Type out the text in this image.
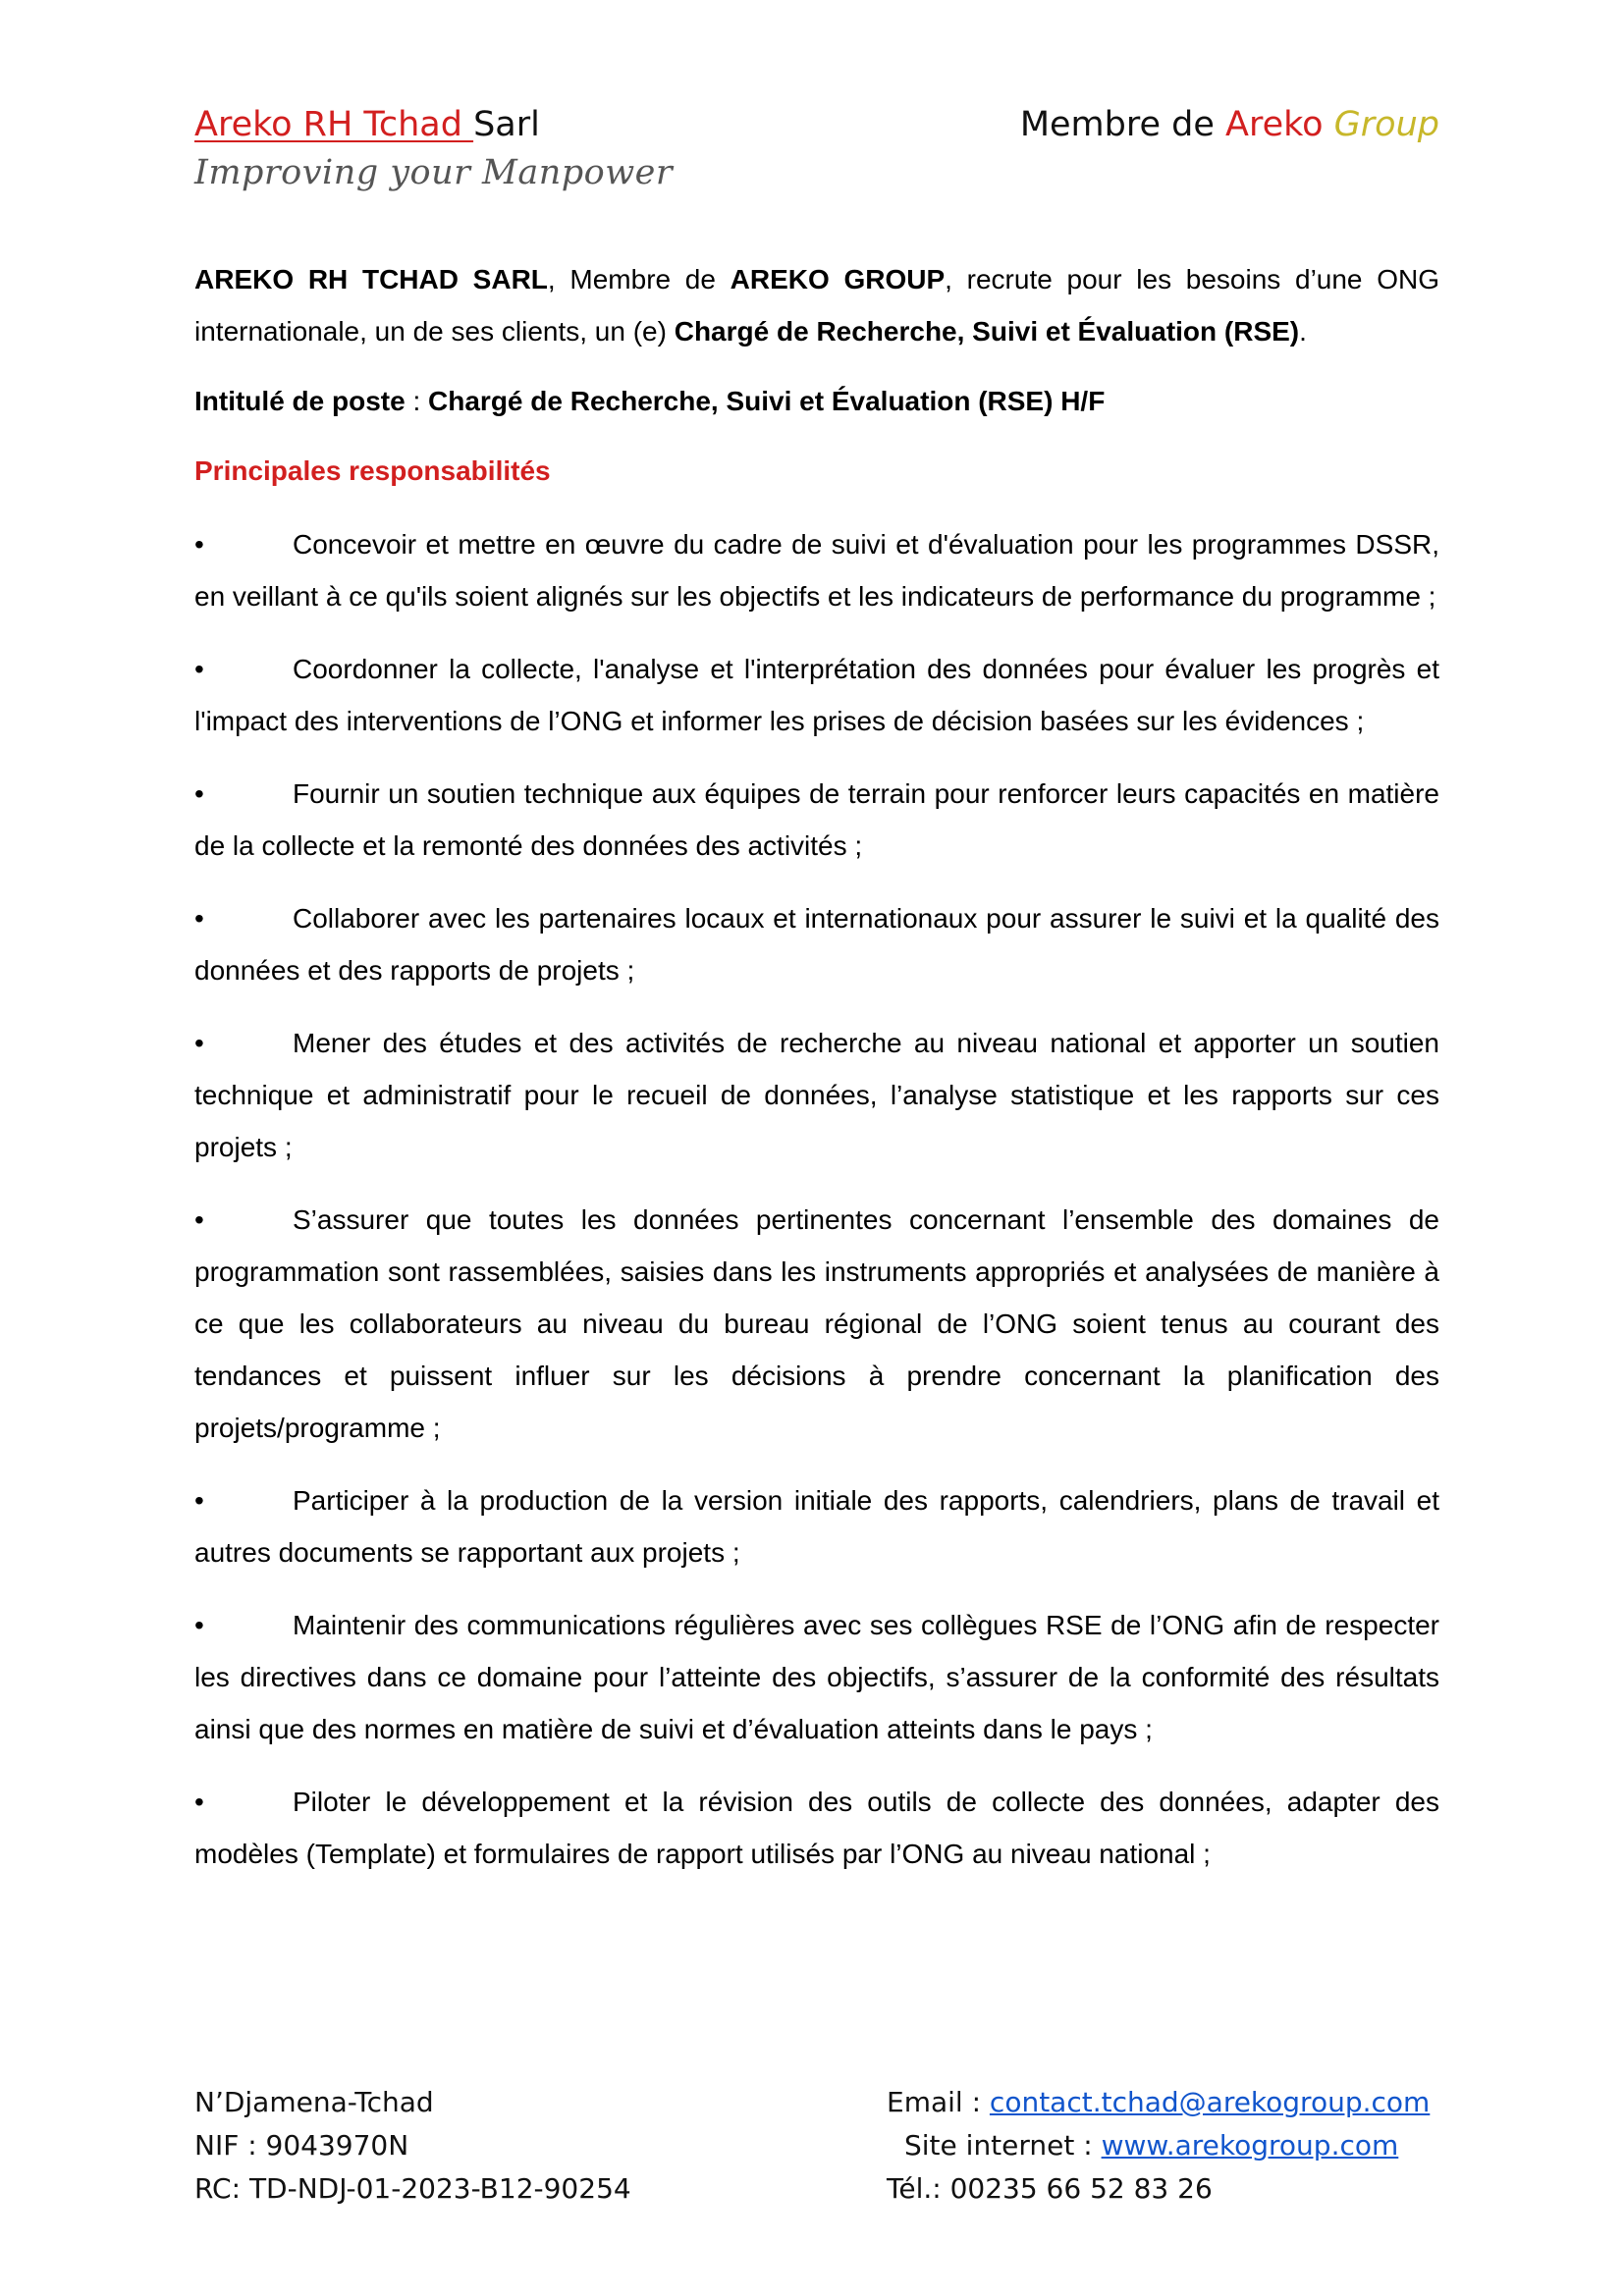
Areko RH Tchad Sarl
Improving your Manpower
Membre de Areko Group

AREKO RH TCHAD SARL, Membre de AREKO GROUP, recrute pour les besoins d’une ONG internationale, un de ses clients, un (e) Chargé de Recherche, Suivi et Évaluation (RSE).

Intitulé de poste : Chargé de Recherche, Suivi et Évaluation (RSE) H/F

Principales responsabilités

•	Concevoir et mettre en œuvre du cadre de suivi et d'évaluation pour les programmes DSSR, en veillant à ce qu'ils soient alignés sur les objectifs et les indicateurs de performance du programme ;
•	Coordonner la collecte, l'analyse et l'interprétation des données pour évaluer les progrès et l'impact des interventions de l’ONG et informer les prises de décision basées sur les évidences ;
•	Fournir un soutien technique aux équipes de terrain pour renforcer leurs capacités en matière de la collecte et la remonté des données des activités ;
•	Collaborer avec les partenaires locaux et internationaux pour assurer le suivi et la qualité des données et des rapports de projets ;
•	Mener des études et des activités de recherche au niveau national et apporter un soutien technique et administratif pour le recueil de données, l’analyse statistique et les rapports sur ces projets ;
•	S’assurer que toutes les données pertinentes concernant l’ensemble des domaines de programmation sont rassemblées, saisies dans les instruments appropriés et analysées de manière à ce que les collaborateurs au niveau du bureau régional de l’ONG soient tenus au courant des tendances et puissent influer sur les décisions à prendre concernant la planification des projets/programme ;
•	Participer à la production de la version initiale des rapports, calendriers, plans de travail et autres documents se rapportant aux projets ;
•	Maintenir des communications régulières avec ses collègues RSE de l’ONG afin de respecter les directives dans ce domaine pour l’atteinte des objectifs, s’assurer de la conformité des résultats ainsi que des normes en matière de suivi et d’évaluation atteints dans le pays ;
•	Piloter le développement et la révision des outils de collecte des données, adapter des modèles (Template) et formulaires de rapport utilisés par l’ONG au niveau national ;
N’Djamena-Tchad
NIF : 9043970N
RC: TD-NDJ-01-2023-B12-90254
Email : contact.tchad@arekogroup.com
Site internet : www.arekogroup.com
Tél.: 00235 66 52 83 26
